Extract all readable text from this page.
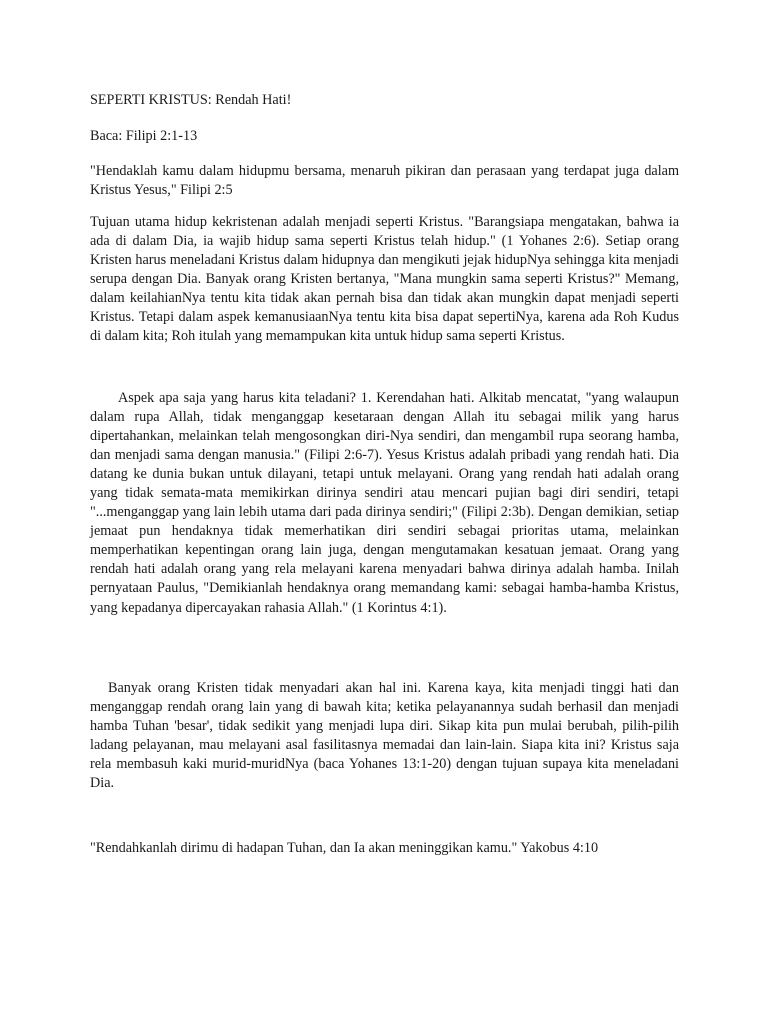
SEPERTI KRISTUS: Rendah Hati!
Baca: Filipi 2:1-13

"Hendaklah kamu dalam hidupmu bersama, menaruh pikiran dan perasaan yang terdapat juga dalam Kristus Yesus," Filipi 2:5

Tujuan utama hidup kekristenan adalah menjadi seperti Kristus. "Barangsiapa mengatakan, bahwa ia ada di dalam Dia, ia wajib hidup sama seperti Kristus telah hidup." (1 Yohanes 2:6). Setiap orang Kristen harus meneladani Kristus dalam hidupnya dan mengikuti jejak hidupNya sehingga kita menjadi serupa dengan Dia. Banyak orang Kristen bertanya, "Mana mungkin sama seperti Kristus?" Memang, dalam keilahianNya tentu kita tidak akan pernah bisa dan tidak akan mungkin dapat menjadi seperti Kristus. Tetapi dalam aspek kemanusiaanNya tentu kita bisa dapat sepertiNya, karena ada Roh Kudus di dalam kita; Roh itulah yang memampukan kita untuk hidup sama seperti Kristus.

Aspek apa saja yang harus kita teladani? 1. Kerendahan hati. Alkitab mencatat, "yang walaupun dalam rupa Allah, tidak menganggap kesetaraan dengan Allah itu sebagai milik yang harus dipertahankan, melainkan telah mengosongkan diri-Nya sendiri, dan mengambil rupa seorang hamba, dan menjadi sama dengan manusia." (Filipi 2:6-7). Yesus Kristus adalah pribadi yang rendah hati. Dia datang ke dunia bukan untuk dilayani, tetapi untuk melayani. Orang yang rendah hati adalah orang yang tidak semata-mata memikirkan dirinya sendiri atau mencari pujian bagi diri sendiri, tetapi "...menganggap yang lain lebih utama dari pada dirinya sendiri;" (Filipi 2:3b). Dengan demikian, setiap jemaat pun hendaknya tidak memerhatikan diri sendiri sebagai prioritas utama, melainkan memperhatikan kepentingan orang lain juga, dengan mengutamakan kesatuan jemaat. Orang yang rendah hati adalah orang yang rela melayani karena menyadari bahwa dirinya adalah hamba. Inilah pernyataan Paulus, "Demikianlah hendaknya orang memandang kami: sebagai hamba-hamba Kristus, yang kepadanya dipercayakan rahasia Allah." (1 Korintus 4:1).

Banyak orang Kristen tidak menyadari akan hal ini. Karena kaya, kita menjadi tinggi hati dan menganggap rendah orang lain yang di bawah kita; ketika pelayanannya sudah berhasil dan menjadi hamba Tuhan 'besar', tidak sedikit yang menjadi lupa diri. Sikap kita pun mulai berubah, pilih-pilih ladang pelayanan, mau melayani asal fasilitasnya memadai dan lain-lain. Siapa kita ini? Kristus saja rela membasuh kaki murid-muridNya (baca Yohanes 13:1-20) dengan tujuan supaya kita meneladani Dia.

"Rendahkanlah dirimu di hadapan Tuhan, dan Ia akan meninggikan kamu." Yakobus 4:10
